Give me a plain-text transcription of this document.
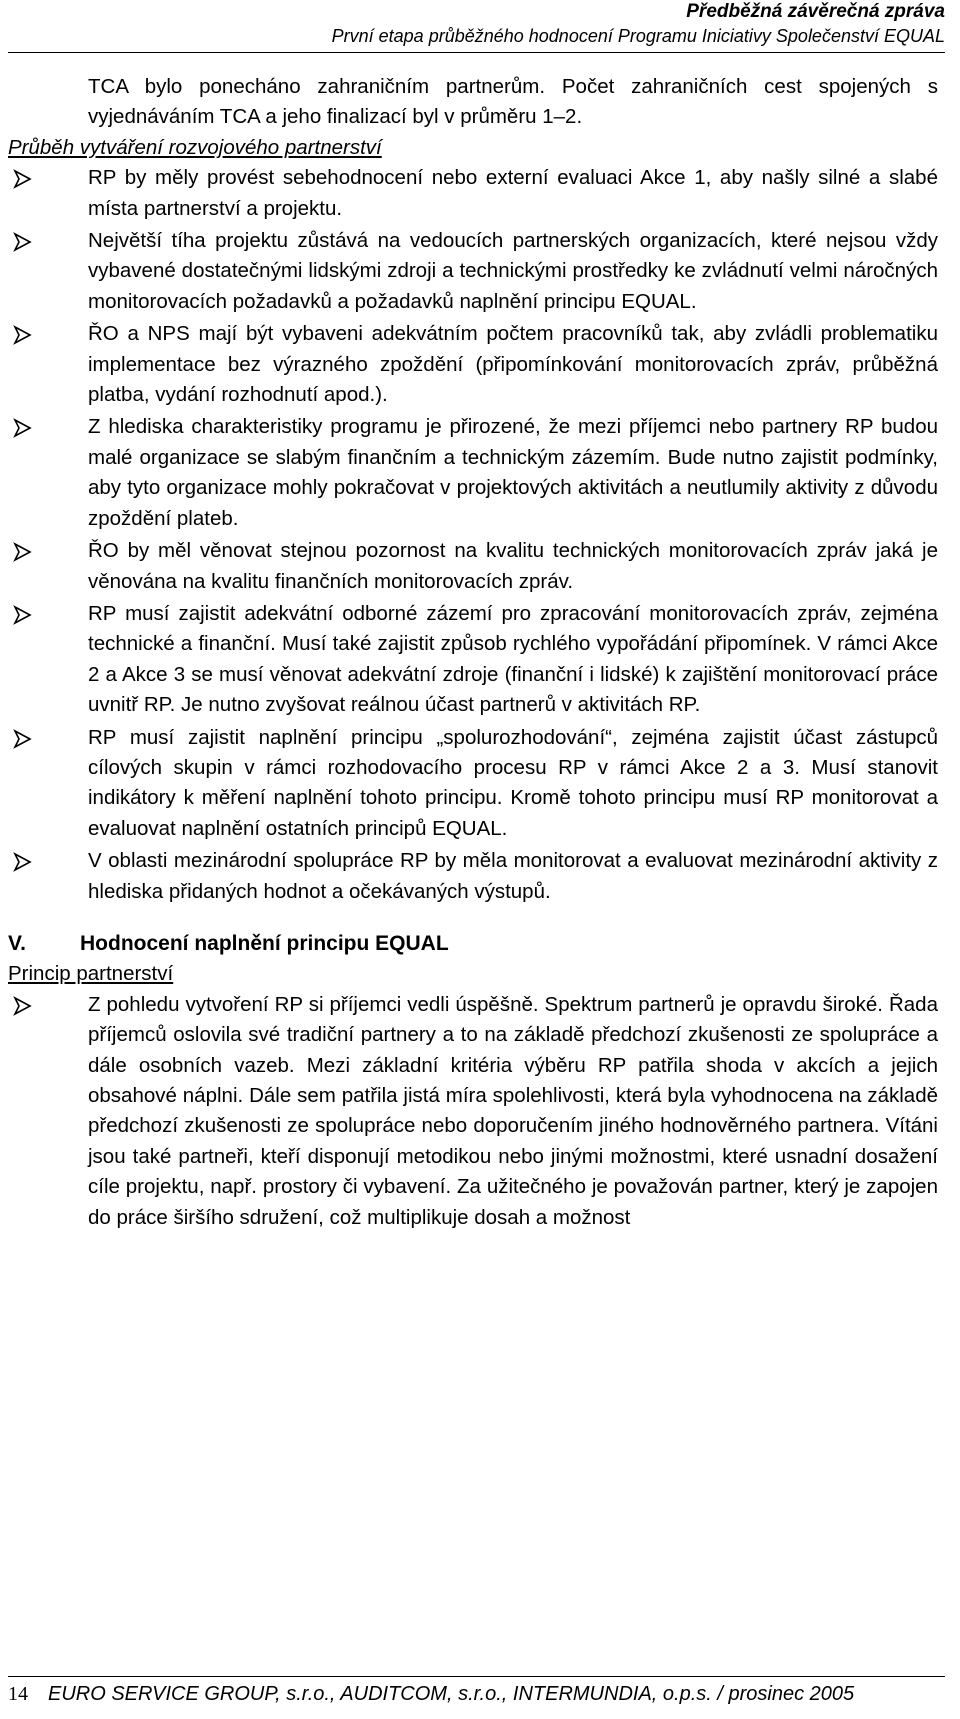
Předběžná závěrečná zpráva
První etapa průběžného hodnocení Programu Iniciativy Společenství EQUAL

TCA bylo ponecháno zahraničním partnerům. Počet zahraničních cest spojených s vyjednáváním TCA a jeho finalizací byl v průměru 1–2.

Průběh vytváření rozvojového partnerství

RP by měly provést sebehodnocení nebo externí evaluaci Akce 1, aby našly silné a slabé místa partnerství a projektu.
Největší tíha projektu zůstává na vedoucích partnerských organizacích, které nejsou vždy vybavené dostatečnými lidskými zdroji a technickými prostředky ke zvládnutí velmi náročných monitorovacích požadavků a požadavků naplnění principu EQUAL.
ŘO a NPS mají být vybaveni adekvátním počtem pracovníků tak, aby zvládli problematiku implementace bez výrazného zpoždění (připomínkování monitorovacích zpráv, průběžná platba, vydání rozhodnutí apod.).
Z hlediska charakteristiky programu je přirozené, že mezi příjemci nebo partnery RP budou malé organizace se slabým finančním a technickým zázemím. Bude nutno zajistit podmínky, aby tyto organizace mohly pokračovat v projektových aktivitách a neutlumily aktivity z důvodu zpoždění plateb.
ŘO by měl věnovat stejnou pozornost na kvalitu technických monitorovacích zpráv jaká je věnována na kvalitu finančních monitorovacích zpráv.
RP musí zajistit adekvátní odborné zázemí pro zpracování monitorovacích zpráv, zejména technické a finanční. Musí také zajistit způsob rychlého vypořádání připomínek. V rámci Akce 2 a Akce 3 se musí věnovat adekvátní zdroje (finanční i lidské) k zajištění monitorovací práce uvnitř RP. Je nutno zvyšovat reálnou účast partnerů v aktivitách RP.
RP musí zajistit naplnění principu „spolurozhodování“, zejména zajistit účast zástupců cílových skupin v rámci rozhodovacího procesu RP v rámci Akce 2 a 3. Musí stanovit indikátory k měření naplnění tohoto principu. Kromě tohoto principu musí RP monitorovat a evaluovat naplnění ostatních principů EQUAL.
V oblasti mezinárodní spolupráce RP by měla monitorovat a evaluovat mezinárodní aktivity z hlediska přidaných hodnot a očekávaných výstupů.
V.	Hodnocení naplnění principu EQUAL

Princip partnerství

Z pohledu vytvoření RP si příjemci vedli úspěšně. Spektrum partnerů je opravdu široké. Řada příjemců oslovila své tradiční partnery a to na základě předchozí zkušenosti ze spolupráce a dále osobních vazeb. Mezi základní kritéria výběru RP patřila shoda v akcích a jejich obsahové náplni. Dále sem patřila jistá míra spolehlivosti, která byla vyhodnocena na základě předchozí zkušenosti ze spolupráce nebo doporučením jiného hodnověrného partnera. Vítáni jsou také partneři, kteří disponují metodikou nebo jinými možnostmi, které usnadní dosažení cíle projektu, např. prostory či vybavení. Za užitečného je považován partner, který je zapojen do práce širšího sdružení, což multiplikuje dosah a možnost
14 EURO SERVICE GROUP, s.r.o., AUDITCOM, s.r.o., INTERMUNDIA, o.p.s. / prosinec 2005
